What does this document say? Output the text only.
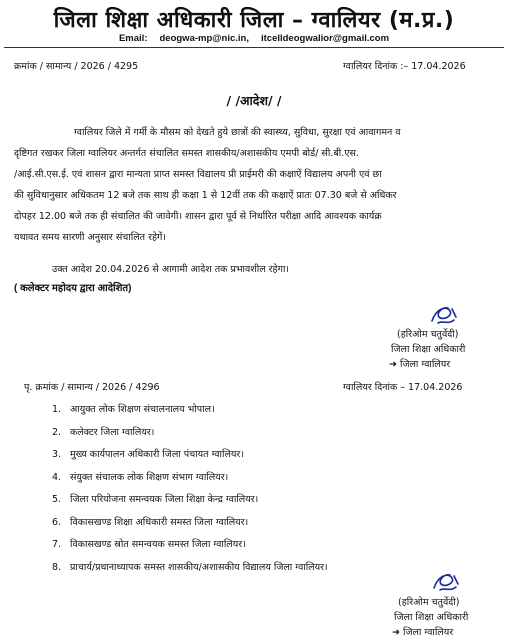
जिला शिक्षा अधिकारी जिला – ग्वालियर (म.प्र.)
Email: deogwa-mp@nic.in, itcelldeogwalior@gmail.com
क्रमांक / सामान्य / 2026 / 4295	ग्वालियर दिनांक :– 17.04.2026
/ /आदेश/ /
ग्वालियर जिले में गर्मी के मौसम को देखते हुये छात्रों की स्वास्थ्य, सुविधा, सुरक्षा एवं आवागमन व
दृष्टिगत रखकर जिला ग्वालियर अन्तर्गत संचालित समस्त शासकीय/अशासकीय एमपी बोर्ड/ सी.बी.एस.
/आई.सी.एस.ई. एवं शासन द्वारा मान्यता प्राप्त समस्त विद्यालय प्री प्राईमरी की कक्षाऐं विद्यालय अपनी एवं छा
की सुविधानुसार अधिकतम 12 बजे तक साथ ही कक्षा 1 से 12वीं तक की कक्षाऐं प्रातः 07.30 बजे से अधिकर
दोपहर 12.00 बजे तक ही संचालित की जावेगी। शासन द्वारा पूर्व से निर्धारित परीक्षा आदि आवश्यक कार्यक्र
यथावत समय सारणी अनुसार संचालित रहेगें।
उक्त आदेश 20.04.2026 से आगामी आदेश तक प्रभावशील रहेगा।
( कलेक्टर महोदय द्वारा आदेशित)
(हरिओम चतुर्वेदी)
जिला शिक्षा अधिकारी
➜ जिला ग्वालियर
पृ. क्रमांक / सामान्य / 2026 / 4296	ग्वालियर दिनांक – 17.04.2026
1. आयुक्त लोक शिक्षण संचालनालय भोपाल।
2. कलेक्टर जिला ग्वालियर।
3. मुख्य कार्यपालन अधिकारी जिला पंचायत ग्वालियर।
4. संयुक्त संचालक लोक शिक्षण संभाग ग्वालियर।
5. जिला परियोजना समन्वयक जिला शिक्षा केन्द्र ग्वालियर।
6. विकासखण्ड शिक्षा अधिकारी समस्त जिला ग्वालियर।
7. विकासखण्ड स्रोत समन्वयक समस्त जिला ग्वालियर।
8. प्राचार्य/प्रधानाध्यापक समस्त शासकीय/अशासकीय विद्यालय जिला ग्वालियर।
(हरिओम चतुर्वेदी)
जिला शिक्षा अधिकारी
➜ जिला ग्वालियर
